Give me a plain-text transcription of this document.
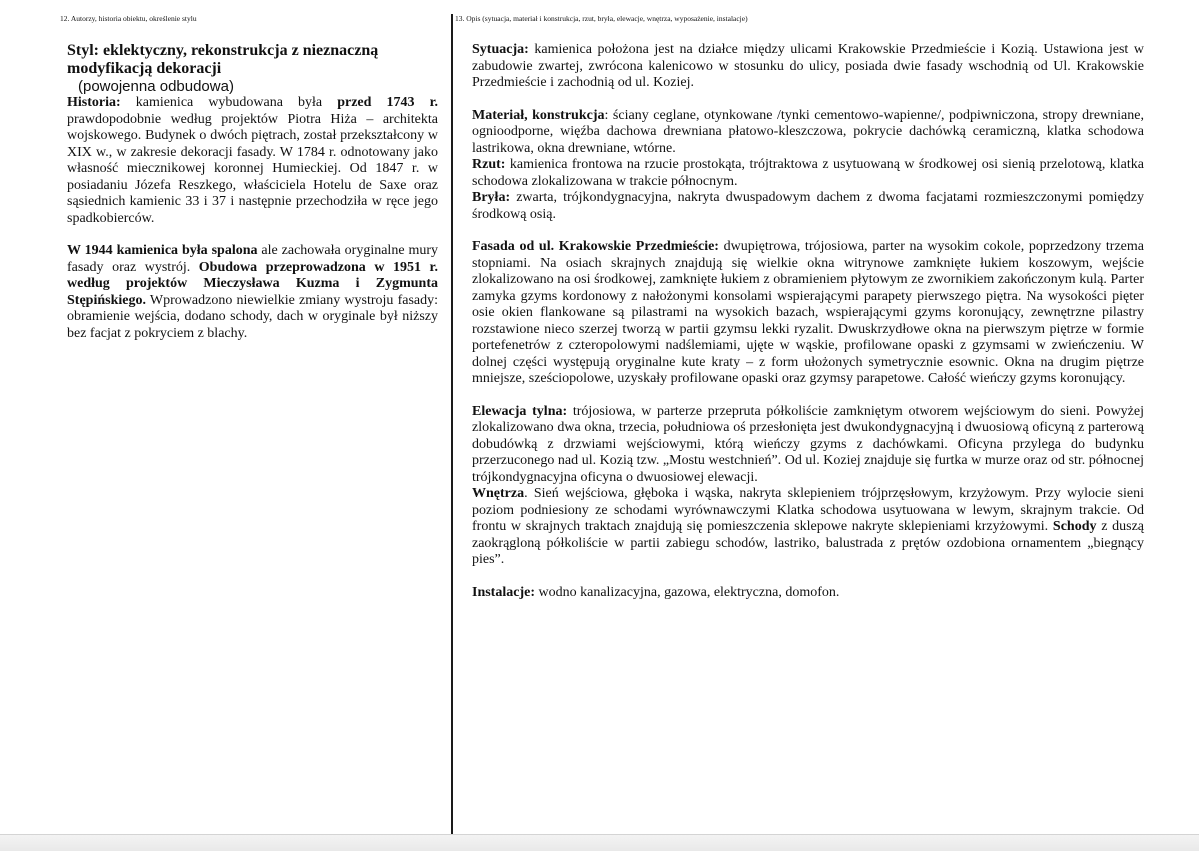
12. Autorzy, historia obiektu, określenie stylu
Styl: eklektyczny, rekonstrukcja z nieznaczną modyfikacją dekoracji
(powojenna odbudowa)

Historia: kamienica wybudowana była przed 1743 r. prawdopodobnie według projektów Piotra Hiża – architekta wojskowego. Budynek o dwóch piętrach, został przekształcony w XIX w., w zakresie dekoracji fasady. W 1784 r. odnotowany jako własność miecznikowej koronnej Humieckiej. Od 1847 r. w posiadaniu Józefa Reszkego, właściciela Hotelu de Saxe oraz sąsiednich kamienic 33 i 37 i następnie przechodziła w ręce jego spadkobierców.

W 1944 kamienica była spalona ale zachowała oryginalne mury fasady oraz wystrój. Obudowa przeprowadzona w 1951 r. według projektów Mieczysława Kuzma i Zygmunta Stępińskiego. Wprowadzono niewielkie zmiany wystroju fasady: obramienie wejścia, dodano schody, dach w oryginale był niższy bez facjat z pokryciem z blachy.

13. Opis (sytuacja, materiał i konstrukcja, rzut, bryła, elewacje, wnętrza, wyposażenie, instalacje)

Sytuacja: kamienica położona jest na działce między ulicami Krakowskie Przedmieście i Kozią. Ustawiona jest w zabudowie zwartej, zwrócona kalenicowo w stosunku do ulicy, posiada dwie fasady wschodnią od Ul. Krakowskie Przedmieście i zachodnią od ul. Koziej.

Materiał, konstrukcja: ściany ceglane, otynkowane /tynki cementowo-wapienne/, podpiwniczona, stropy drewniane, ognioodporne, więźba dachowa drewniana płatowo-kleszczowa, pokrycie dachówką ceramiczną, klatka schodowa lastrikowa, okna drewniane, wtórne.

Rzut: kamienica frontowa na rzucie prostokąta, trójtraktowa z usytuowaną w środkowej osi sienią przelotową, klatka schodowa zlokalizowana w trakcie północnym.

Bryła: zwarta, trójkondygnacyjna, nakryta dwuspadowym dachem z dwoma facjatami rozmieszczonymi pomiędzy środkową osią.

Fasada od ul. Krakowskie Przedmieście: dwupiętrowa, trójosiowa, parter na wysokim cokole, poprzedzony trzema stopniami. Na osiach skrajnych znajdują się wielkie okna witrynowe zamknięte łukiem koszowym, wejście zlokalizowano na osi środkowej, zamknięte łukiem z obramieniem płytowym ze zwornikiem zakończonym kulą. Parter zamyka gzyms kordonowy z nałożonymi konsolami wspierającymi parapety pierwszego piętra. Na wysokości pięter osie okien flankowane są pilastrami na wysokich bazach, wspierającymi gzyms koronujący, zewnętrzne pilastry rozstawione nieco szerzej tworzą w partii gzymsu lekki ryzalit. Dwuskrzydłowe okna na pierwszym piętrze w formie portefenetrów z czteropolowymi nadślemiami, ujęte w wąskie, profilowane opaski z gzymsami w zwieńczeniu. W dolnej części występują oryginalne kute kraty – z form ułożonych symetrycznie esownic. Okna na drugim piętrze mniejsze, sześciopolowe, uzyskały profilowane opaski oraz gzymsy parapetowe. Całość wieńczy gzyms koronujący.

Elewacja tylna: trójosiowa, w parterze przepruta półkoliście zamkniętym otworem wejściowym do sieni. Powyżej zlokalizowano dwa okna, trzecia, południowa oś przesłonięta jest dwukondygnacyjną i dwuosiową oficyną z parterową dobudówką z drzwiami wejściowymi, którą wieńczy gzyms z dachówkami. Oficyna przylega do budynku przerzuconego nad ul. Kozią tzw. „Mostu westchnień”. Od ul. Koziej znajduje się furtka w murze oraz od str. północnej trójkondygnacyjna oficyna o dwuosiowej elewacji.

Wnętrza. Sień wejściowa, głęboka i wąska, nakryta sklepieniem trójprzęsłowym, krzyżowym. Przy wylocie sieni poziom podniesiony ze schodami wyrównawczymi Klatka schodowa usytuowana w lewym, skrajnym trakcie. Od frontu w skrajnych traktach znajdują się pomieszczenia sklepowe nakryte sklepieniami krzyżowymi. Schody z duszą zaokrągloną półkoliście w partii zabiegu schodów, lastriko, balustrada z prętów ozdobiona ornamentem „biegnący pies”.

Instalacje: wodno kanalizacyjna, gazowa, elektryczna, domofon.
